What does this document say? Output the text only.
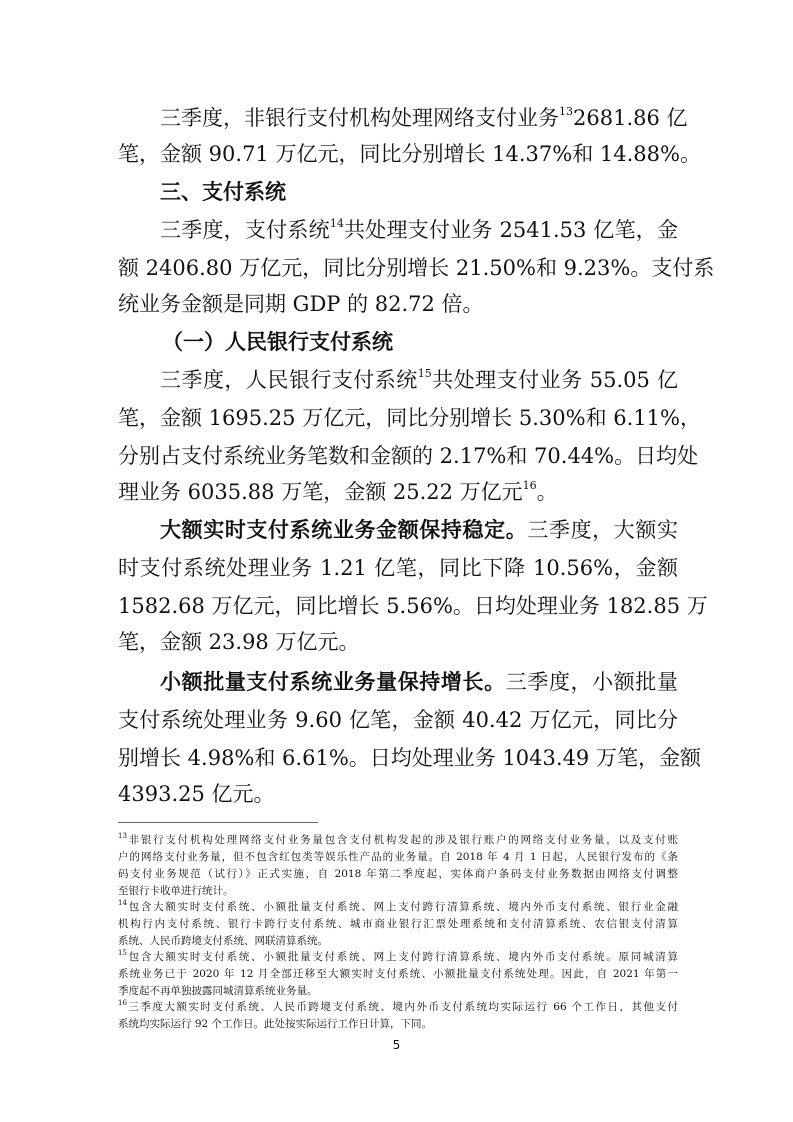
三季度，非银行支付机构处理网络支付业务$^{13}$2681.86 亿
笔，金额 90.71 万亿元，同比分别增长 14.37%和 14.88%。
三、支付系统
三季度，支付系统$^{14}$共处理支付业务 2541.53 亿笔，金
额 2406.80 万亿元，同比分别增长 21.50%和 9.23%。支付系
统业务金额是同期 GDP 的 82.72 倍。
（一）人民银行支付系统
三季度，人民银行支付系统$^{15}$共处理支付业务 55.05 亿
笔，金额 1695.25 万亿元，同比分别增长 5.30%和 6.11%，
分别占支付系统业务笔数和金额的 2.17%和 70.44%。日均处
理业务 6035.88 万笔，金额 25.22 万亿元$^{16}$。
大额实时支付系统业务金额保持稳定。三季度，大额实
时支付系统处理业务 1.21 亿笔，同比下降 10.56%，金额
1582.68 万亿元，同比增长 5.56%。日均处理业务 182.85 万
笔，金额 23.98 万亿元。
小额批量支付系统业务量保持增长。三季度，小额批量
支付系统处理业务 9.60 亿笔，金额 40.42 万亿元，同比分
别增长 4.98%和 6.61%。日均处理业务 1043.49 万笔，金额
4393.25 亿元。
$^{13}$非银行支付机构处理网络支付业务量包含支付机构发起的涉及银行账户的网络支付业务量，以及支付账
户的网络支付业务量，但不包含红包类等娱乐性产品的业务量。自 2018 年 4 月 1 日起，人民银行发布的《条
码支付业务规范（试行）》正式实施，自 2018 年第二季度起，实体商户条码支付业务数据由网络支付调整
至银行卡收单进行统计。
$^{14}$包含大额实时支付系统、小额批量支付系统、网上支付跨行清算系统、境内外币支付系统、银行业金融
机构行内支付系统、银行卡跨行支付系统、城市商业银行汇票处理系统和支付清算系统、农信银支付清算
系统、人民币跨境支付系统、网联清算系统。
$^{15}$包含大额实时支付系统、小额批量支付系统、网上支付跨行清算系统、境内外币支付系统。原同城清算
系统业务已于 2020 年 12 月全部迁移至大额实时支付系统、小额批量支付系统处理。因此，自 2021 年第一
季度起不再单独披露同城清算系统业务量。
$^{16}$三季度大额实时支付系统、人民币跨境支付系统、境内外币支付系统均实际运行 66 个工作日，其他支付
系统均实际运行 92 个工作日。此处按实际运行工作日计算，下同。
5
